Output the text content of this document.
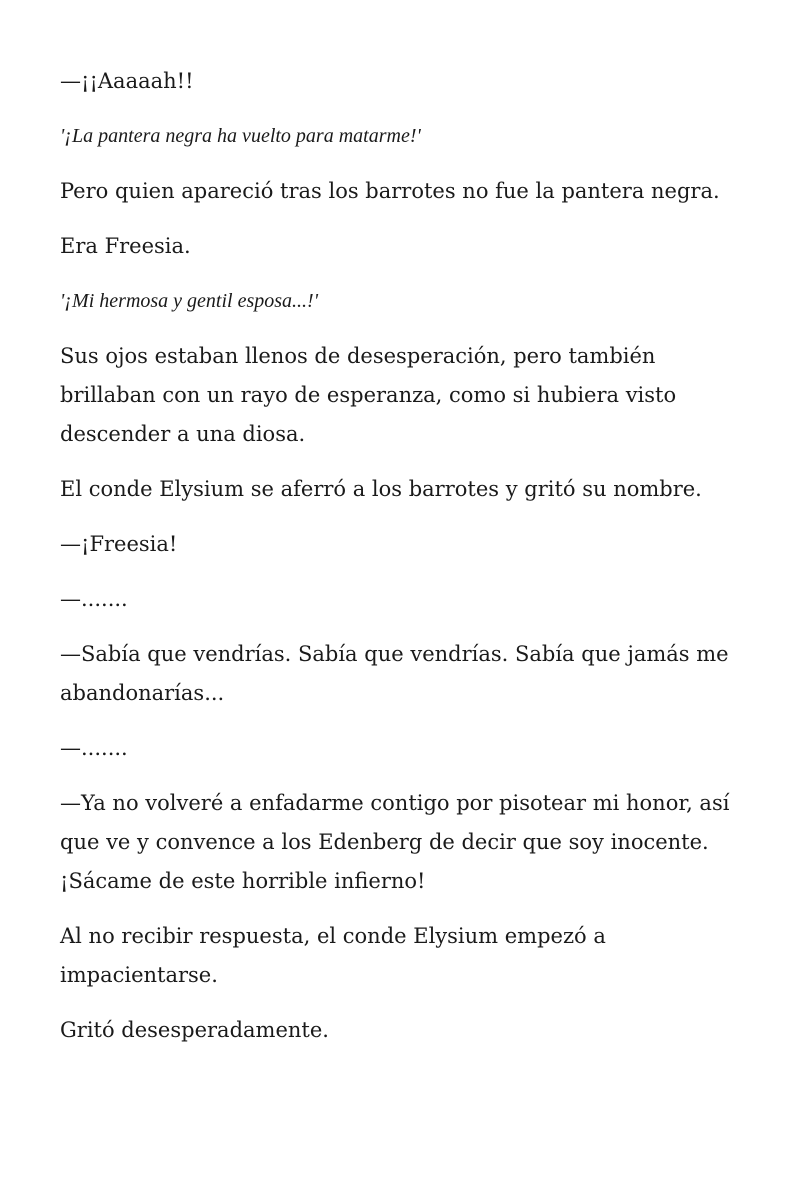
—¡¡Aaaaah!!

'¡La pantera negra ha vuelto para matarme!'

Pero quien apareció tras los barrotes no fue la pantera negra.

Era Freesia.

'¡Mi hermosa y gentil esposa...!'

Sus ojos estaban llenos de desesperación, pero también brillaban con un rayo de esperanza, como si hubiera visto descender a una diosa.

El conde Elysium se aferró a los barrotes y gritó su nombre.

—¡Freesia!

—.......

—Sabía que vendrías. Sabía que vendrías. Sabía que jamás me abandonarías...

—.......

—Ya no volveré a enfadarme contigo por pisotear mi honor, así que ve y convence a los Edenberg de decir que soy inocente. ¡Sácame de este horrible infierno!

Al no recibir respuesta, el conde Elysium empezó a impacientarse.

Gritó desesperadamente.
